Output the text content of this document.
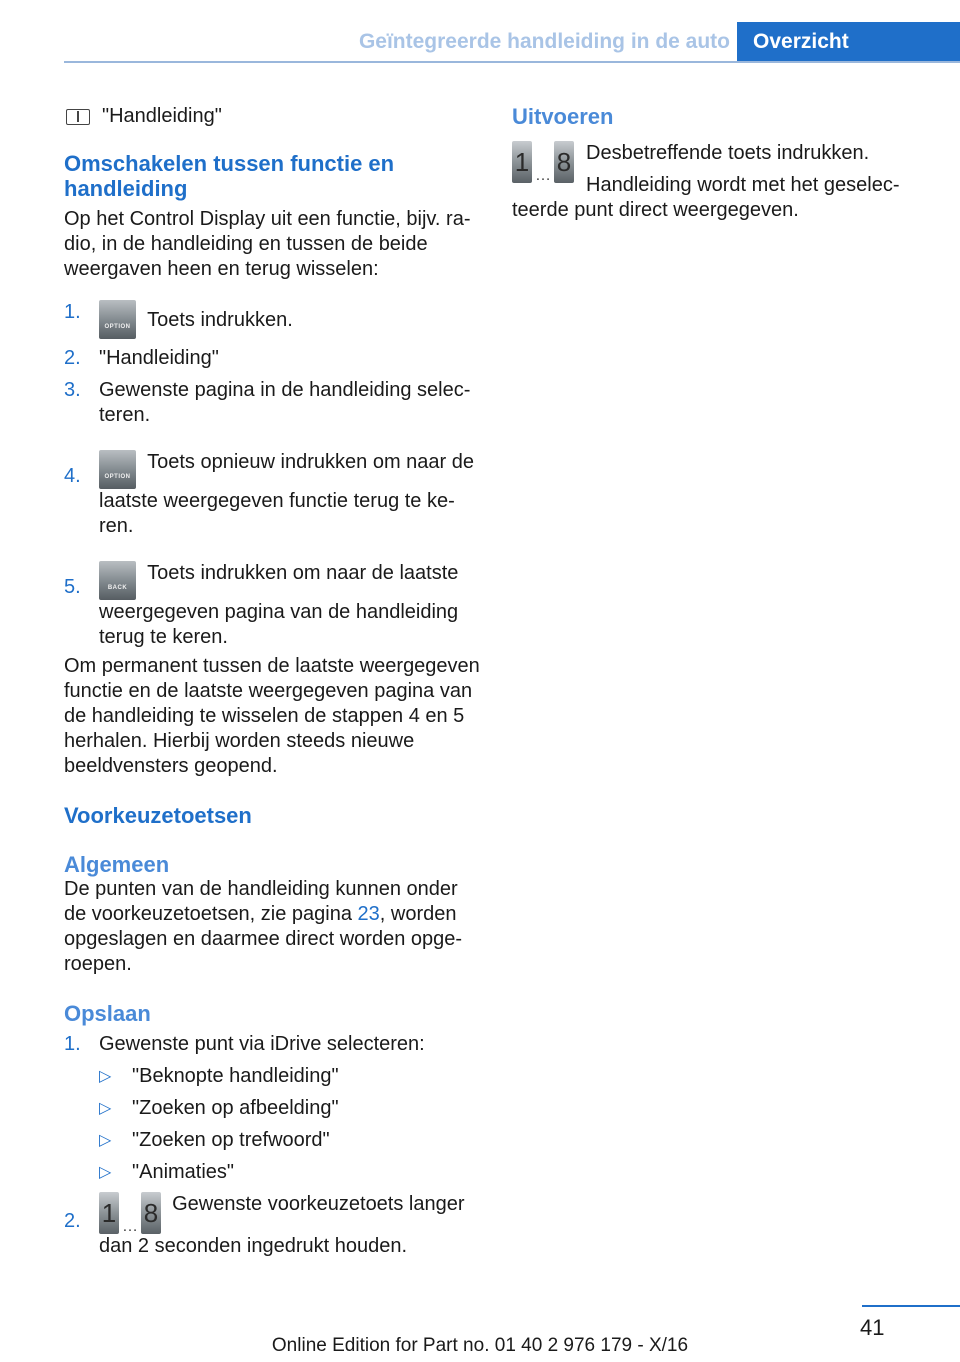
Geïntegreerde handleiding in de auto	Overzicht
"Handleiding"
Omschakelen tussen functie en handleiding

Op het Control Display uit een functie, bijv. ra-dio, in de handleiding en tussen de beide weergaven heen en terug wisselen:

1.
OPTION Toets indrukken.
2. "Handleiding"
3. Gewenste pagina in de handleiding selec-teren.
4.	OPTION
Toets opnieuw indrukken om naar de laatste weergegeven functie terug te ke-ren.
5.	BACK
Toets indrukken om naar de laatste weergegeven pagina van de handleiding terug te keren.

Om permanent tussen de laatste weergegeven functie en de laatste weergegeven pagina van de handleiding te wisselen de stappen 4 en 5 herhalen. Hierbij worden steeds nieuwe beeldvensters geopend.

Voorkeuzetoetsen
Algemeen

De punten van de handleiding kunnen onder de voorkeuzetoetsen, zie pagina 23, worden opgeslagen en daarmee direct worden opge-roepen.

Opslaan
1. Gewenste punt via iDrive selecteren:
▷ "Beknopte handleiding"
▷ "Zoeken op afbeelding"
▷ "Zoeken op trefwoord"
▷ "Animaties"
2. 1 … 8 Gewenste voorkeuzetoets langer dan 2 seconden ingedrukt houden.
Uitvoeren
1 … 8 Desbetreffende toets indrukken.

Handleiding wordt met het geselec-teerde punt direct weergegeven.

41
Online Edition for Part no. 01 40 2 976 179 - X/16
